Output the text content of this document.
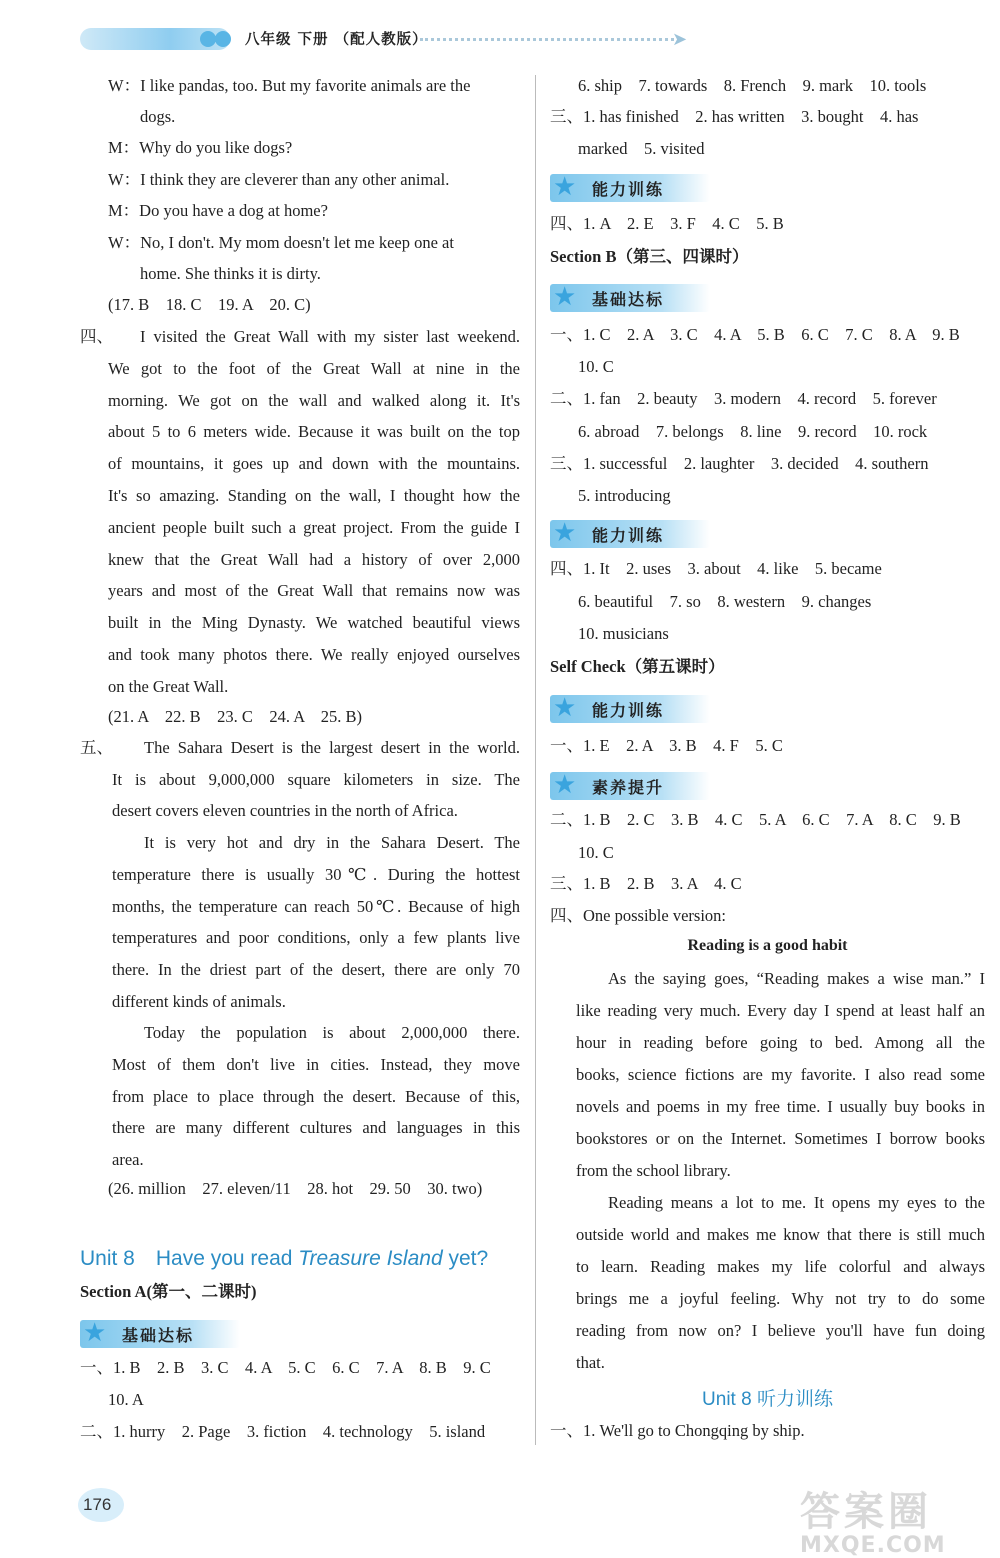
八年级 下册 （配人教版）	➤
W：I like pandas, too. But my favorite animals are the
dogs.
M：Why do you like dogs?
W：I think they are cleverer than any other animal.
M：Do you have a dog at home?
W：No, I don't. My mom doesn't let me keep one at
home. She thinks it is dirty.
(17. B　18. C　19. A　20. C)
四、	I visited the Great Wall with my sister last weekend.
We got to the foot of the Great Wall at nine in the
morning. We got on the wall and walked along it. It's
about 5 to 6 meters wide. Because it was built on the top
of mountains, it goes up and down with the mountains.
It's so amazing. Standing on the wall, I thought how the
ancient people built such a great project. From the guide I
knew that the Great Wall had a history of over 2,000
years and most of the Great Wall that remains now was
built in the Ming Dynasty. We watched beautiful views
and took many photos there. We really enjoyed ourselves
on the Great Wall.
(21. A　22. B　23. C　24. A　25. B)
五、	The Sahara Desert is the largest desert in the world.
It is about 9,000,000 square kilometers in size. The
desert covers eleven countries in the north of Africa.
It is very hot and dry in the Sahara Desert. The
temperature there is usually 30℃. During the hottest
months, the temperature can reach 50℃. Because of high
temperatures and poor conditions, only a few plants live
there. In the driest part of the desert, there are only 70
different kinds of animals.
Today the population is about 2,000,000 there.
Most of them don't live in cities. Instead, they move
from place to place through the desert. Because of this,
there are many different cultures and languages in this
area.
(26. million　27. eleven/11　28. hot　29. 50　30. two)
Unit 8　Have you read Treasure Island yet?
Section A(第一、二课时)
★ 基础达标
一、1. B　2. B　3. C　4. A　5. C　6. C　7. A　8. B　9. C
10. A
二、1. hurry　2. Page　3. fiction　4. technology　5. island
6. ship　7. towards　8. French　9. mark　10. tools
三、1. has finished　2. has written　3. bought　4. has
marked　5. visited
★ 能力训练
四、1. A　2. E　3. F　4. C　5. B
Section B（第三、四课时）
★ 基础达标
一、1. C　2. A　3. C　4. A　5. B　6. C　7. C　8. A　9. B
10. C
二、1. fan　2. beauty　3. modern　4. record　5. forever
6. abroad　7. belongs　8. line　9. record　10. rock
三、1. successful　2. laughter　3. decided　4. southern
5. introducing
★ 能力训练
四、1. It　2. uses　3. about　4. like　5. became
6. beautiful　7. so　8. western　9. changes
10. musicians
Self Check（第五课时）
★ 能力训练
一、1. E　2. A　3. B　4. F　5. C
★ 素养提升
二、1. B　2. C　3. B　4. C　5. A　6. C　7. A　8. C　9. B
10. C
三、1. B　2. B　3. A　4. C
四、One possible version:
Reading is a good habit
As the saying goes, “Reading makes a wise man.” I
like reading very much. Every day I spend at least half an
hour in reading before going to bed. Among all the
books, science fictions are my favorite. I also read some
novels and poems in my free time. I usually buy books in
bookstores or on the Internet. Sometimes I borrow books
from the school library.
Reading means a lot to me. It opens my eyes to the
outside world and makes me know that there is still much
to learn. Reading makes my life colorful and always
brings me a joyful feeling. Why not try to do some
reading from now on? I believe you'll have fun doing
that.
Unit 8 听力训练
一、1. We'll go to Chongqing by ship.
176	答案圈
MXQE.COM
